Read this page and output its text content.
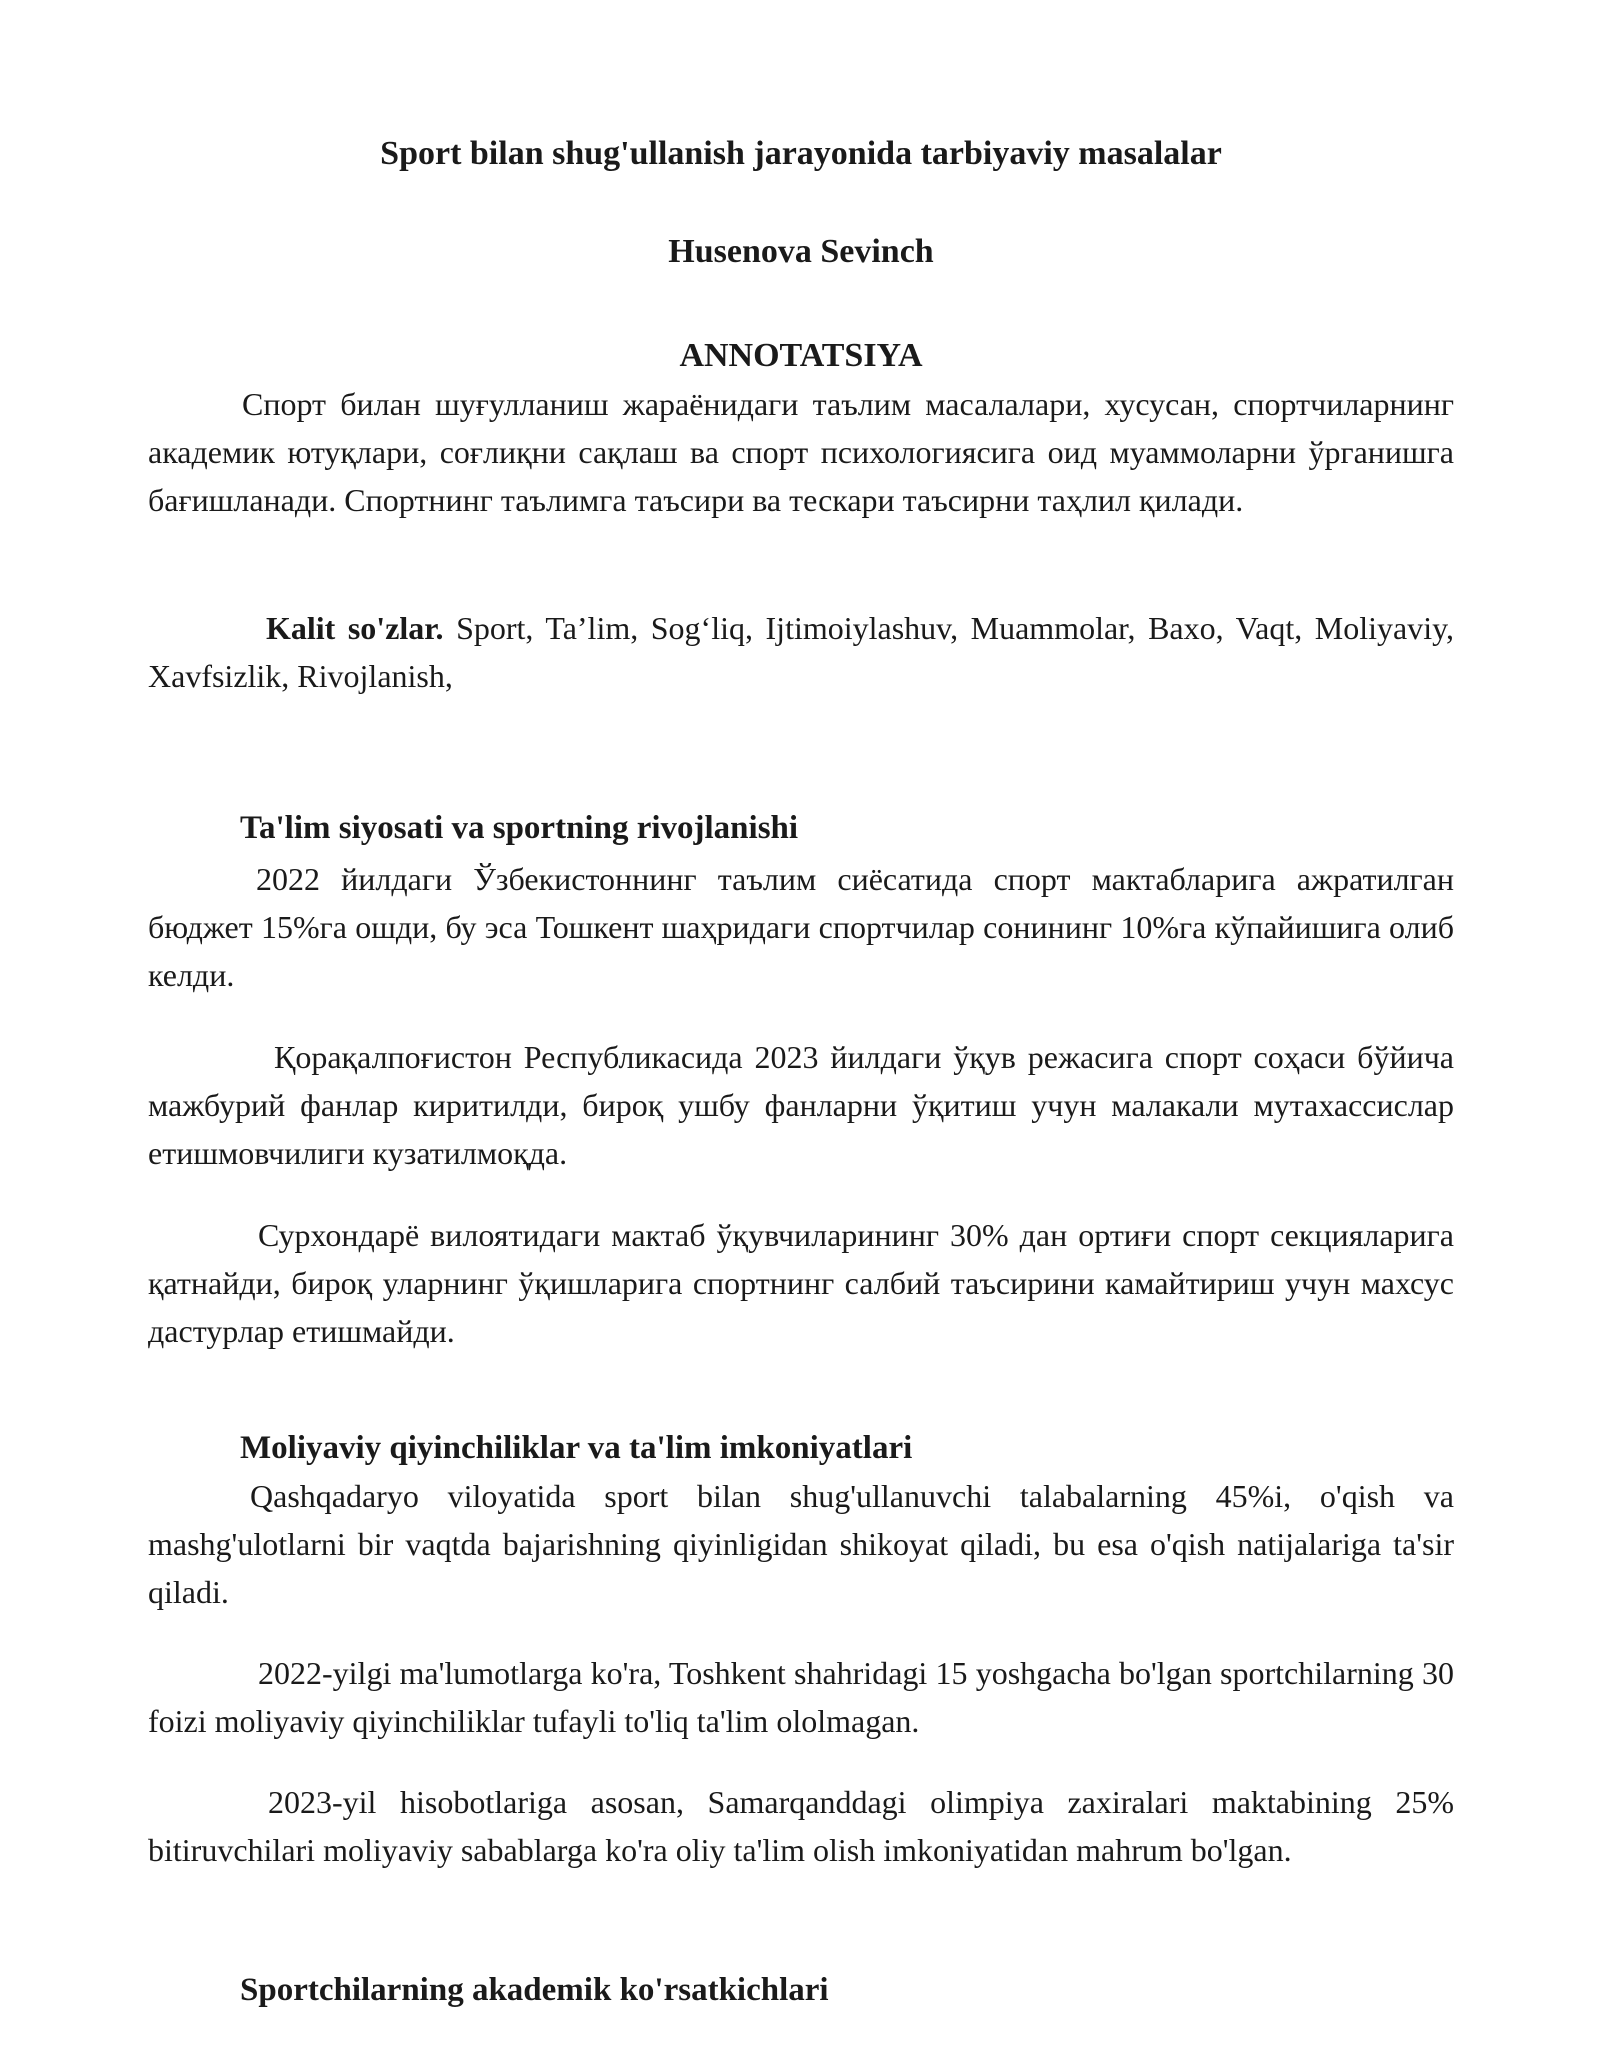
Sport bilan shug'ullanish jarayonida tarbiyaviy masalalar

Husenova Sevinch

ANNOTATSIYA

Спорт билан шуғулланиш жараёнидаги таълим масалалари, хусусан, спортчиларнинг академик ютуқлари, соғлиқни сақлаш ва спорт психологиясига оид муаммоларни ўрганишга бағишланади. Спортнинг таълимга таъсири ва тескари таъсирни таҳлил қилади.

Kalit so'zlar. Sport, Ta’lim, Sog‘liq, Ijtimoiylashuv, Muammolar, Baxo, Vaqt, Moliyaviy, Xavfsizlik, Rivojlanish,

Ta'lim siyosati va sportning rivojlanishi

2022 йилдаги Ўзбекистоннинг таълим сиёсатида спорт мактабларига ажратилган бюджет 15%га ошди, бу эса Тошкент шаҳридаги спортчилар сонининг 10%га кўпайишига олиб келди.

Қорақалпоғистон Республикасида 2023 йилдаги ўқув режасига спорт соҳаси бўйича мажбурий фанлар киритилди, бироқ ушбу фанларни ўқитиш учун малакали мутахассислар етишмовчилиги кузатилмоқда.

Сурхондарё вилоятидаги мактаб ўқувчиларининг 30% дан ортиғи спорт секцияларига қатнайди, бироқ уларнинг ўқишларига спортнинг салбий таъсирини камайтириш учун махсус дастурлар етишмайди.

Moliyaviy qiyinchiliklar va ta'lim imkoniyatlari

Qashqadaryo viloyatida sport bilan shug'ullanuvchi talabalarning 45%i, o'qish va mashg'ulotlarni bir vaqtda bajarishning qiyinligidan shikoyat qiladi, bu esa o'qish natijalariga ta'sir qiladi.

2022-yilgi ma'lumotlarga ko'ra, Toshkent shahridagi 15 yoshgacha bo'lgan sportchilarning 30 foizi moliyaviy qiyinchiliklar tufayli to'liq ta'lim ololmagan.

2023-yil hisobotlariga asosan, Samarqanddagi olimpiya zaxiralari maktabining 25% bitiruvchilari moliyaviy sabablarga ko'ra oliy ta'lim olish imkoniyatidan mahrum bo'lgan.

Sportchilarning akademik ko'rsatkichlari
